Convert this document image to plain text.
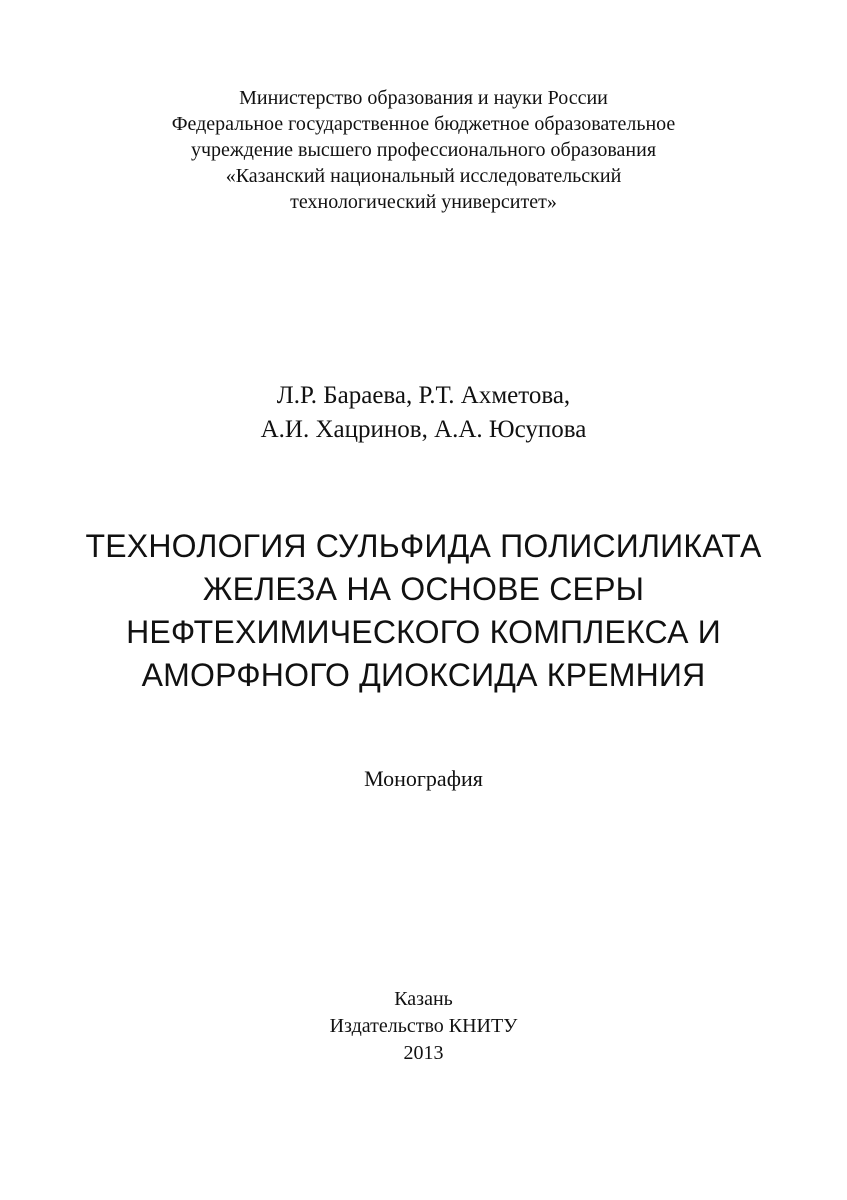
Министерство образования и науки России
Федеральное государственное бюджетное образовательное
учреждение высшего профессионального образования
«Казанский национальный исследовательский
технологический университет»
Л.Р. Бараева, Р.Т. Ахметова,
А.И. Хацринов, А.А. Юсупова
ТЕХНОЛОГИЯ СУЛЬФИДА ПОЛИСИЛИКАТА
ЖЕЛЕЗА НА ОСНОВЕ СЕРЫ
НЕФТЕХИМИЧЕСКОГО КОМПЛЕКСА И
АМОРФНОГО ДИОКСИДА КРЕМНИЯ
Монография
Казань
Издательство КНИТУ
2013
